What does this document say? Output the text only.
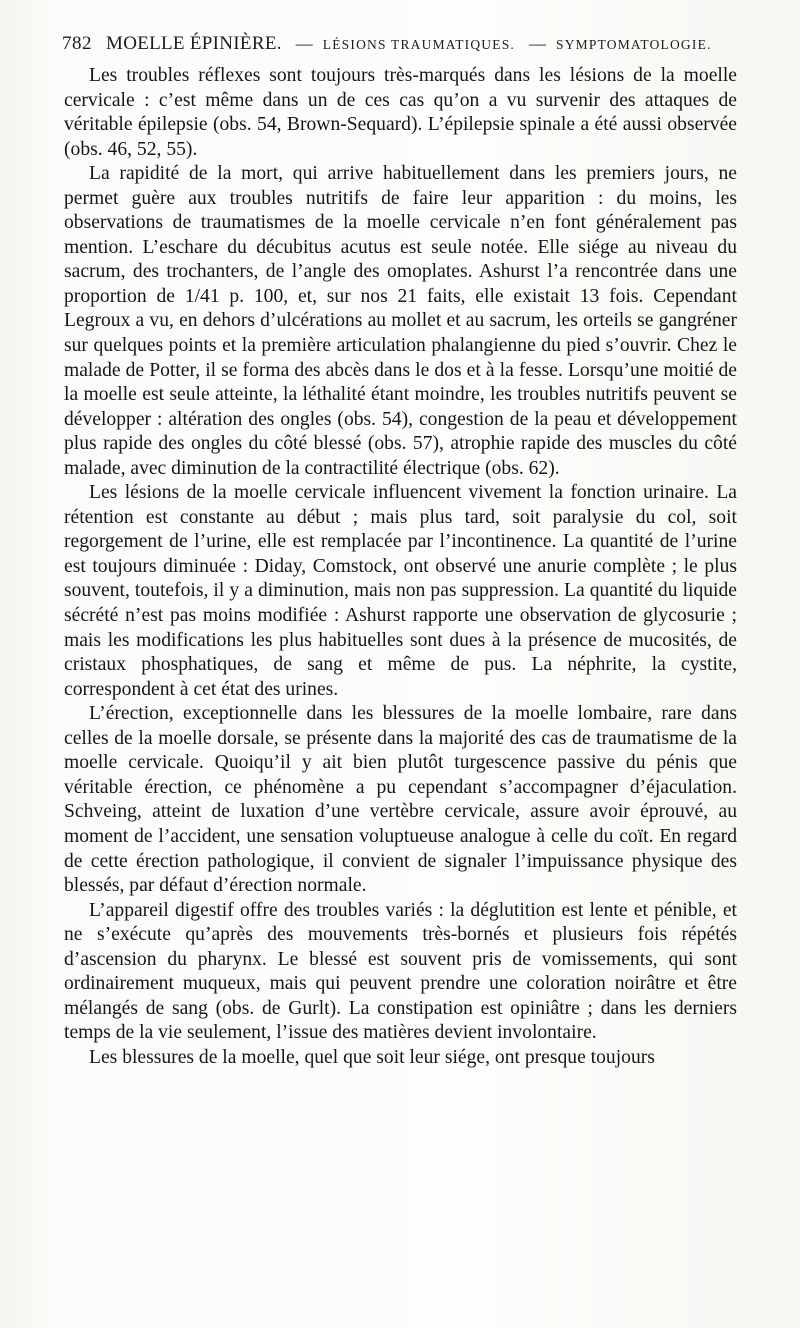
782 MOELLE ÉPINIÈRE. — LÉSIONS TRAUMATIQUES. — SYMPTOMATOLOGIE.

Les troubles réflexes sont toujours très-marqués dans les lésions de la moelle cervicale : c’est même dans un de ces cas qu’on a vu survenir des attaques de véritable épilepsie (obs. 54, Brown-Sequard). L’épilepsie spinale a été aussi observée (obs. 46, 52, 55).

La rapidité de la mort, qui arrive habituellement dans les premiers jours, ne permet guère aux troubles nutritifs de faire leur apparition : du moins, les observations de traumatismes de la moelle cervicale n’en font généralement pas mention. L’eschare du décubitus acutus est seule notée. Elle siége au niveau du sacrum, des trochanters, de l’angle des omoplates. Ashurst l’a rencontrée dans une proportion de 1/41 p. 100, et, sur nos 21 faits, elle existait 13 fois. Cependant Legroux a vu, en dehors d’ulcérations au mollet et au sacrum, les orteils se gangréner sur quelques points et la première articulation phalangienne du pied s’ouvrir. Chez le malade de Potter, il se forma des abcès dans le dos et à la fesse. Lorsqu’une moitié de la moelle est seule atteinte, la léthalité étant moindre, les troubles nutritifs peuvent se développer : altération des ongles (obs. 54), congestion de la peau et développement plus rapide des ongles du côté blessé (obs. 57), atrophie rapide des muscles du côté malade, avec diminution de la contractilité électrique (obs. 62).

Les lésions de la moelle cervicale influencent vivement la fonction urinaire. La rétention est constante au début ; mais plus tard, soit paralysie du col, soit regorgement de l’urine, elle est remplacée par l’incontinence. La quantité de l’urine est toujours diminuée : Diday, Comstock, ont observé une anurie complète ; le plus souvent, toutefois, il y a diminution, mais non pas suppression. La quantité du liquide sécrété n’est pas moins modifiée : Ashurst rapporte une observation de glycosurie ; mais les modifications les plus habituelles sont dues à la présence de mucosités, de cristaux phosphatiques, de sang et même de pus. La néphrite, la cystite, correspondent à cet état des urines.

L’érection, exceptionnelle dans les blessures de la moelle lombaire, rare dans celles de la moelle dorsale, se présente dans la majorité des cas de traumatisme de la moelle cervicale. Quoiqu’il y ait bien plutôt turgescence passive du pénis que véritable érection, ce phénomène a pu cependant s’accompagner d’éjaculation. Schveing, atteint de luxation d’une vertèbre cervicale, assure avoir éprouvé, au moment de l’accident, une sensation voluptueuse analogue à celle du coït. En regard de cette érection pathologique, il convient de signaler l’impuissance physique des blessés, par défaut d’érection normale.

L’appareil digestif offre des troubles variés : la déglutition est lente et pénible, et ne s’exécute qu’après des mouvements très-bornés et plusieurs fois répétés d’ascension du pharynx. Le blessé est souvent pris de vomissements, qui sont ordinairement muqueux, mais qui peuvent prendre une coloration noirâtre et être mélangés de sang (obs. de Gurlt). La constipation est opiniâtre ; dans les derniers temps de la vie seulement, l’issue des matières devient involontaire.

Les blessures de la moelle, quel que soit leur siége, ont presque toujours
